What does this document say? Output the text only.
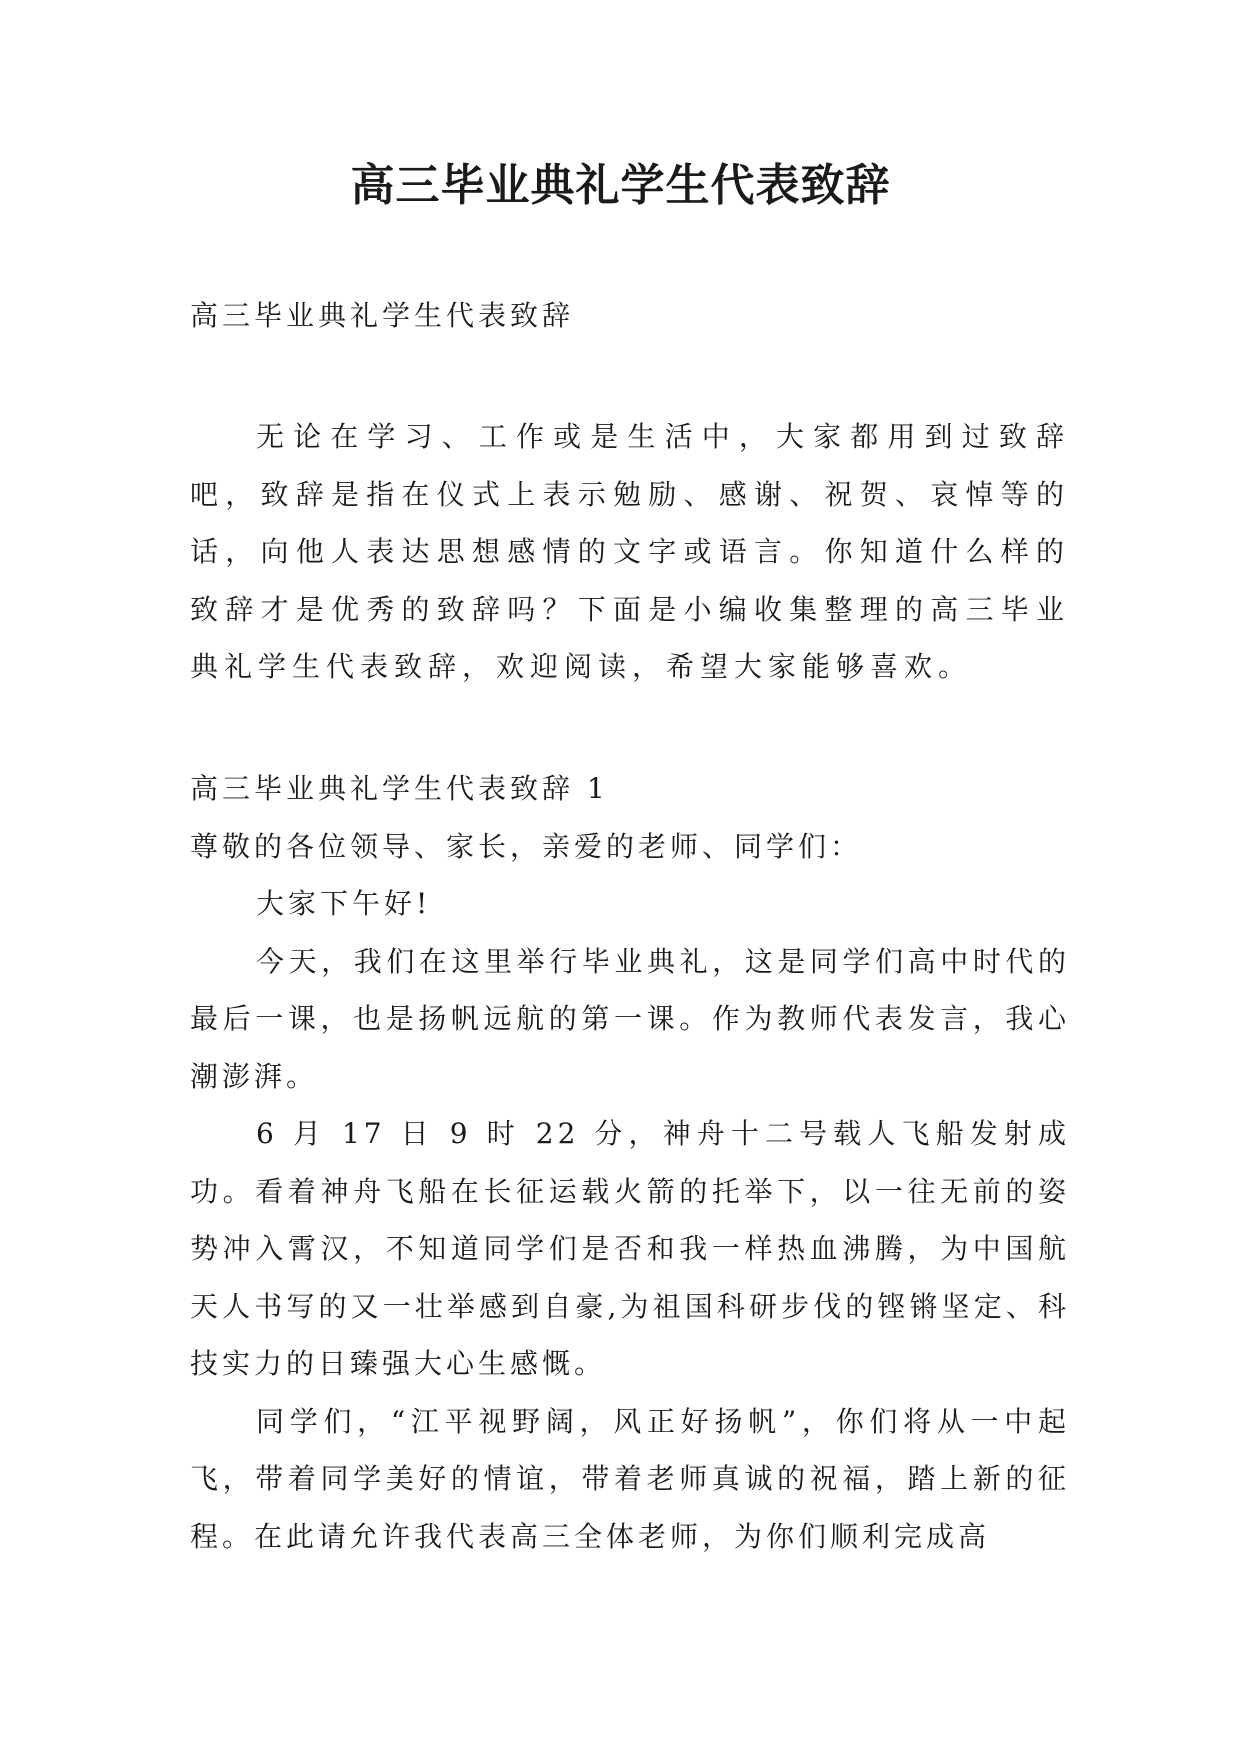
高三毕业典礼学生代表致辞

高三毕业典礼学生代表致辞

无论在学习、工作或是生活中，大家都用到过致辞吧，致辞是指在仪式上表示勉励、感谢、祝贺、哀悼等的话，向他人表达思想感情的文字或语言。你知道什么样的致辞才是优秀的致辞吗？下面是小编收集整理的高三毕业典礼学生代表致辞，欢迎阅读，希望大家能够喜欢。

高三毕业典礼学生代表致辞 1

尊敬的各位领导、家长，亲爱的老师、同学们：

大家下午好!

今天，我们在这里举行毕业典礼，这是同学们高中时代的最后一课，也是扬帆远航的第一课。作为教师代表发言，我心潮澎湃。

6 月 17 日 9 时 22 分，神舟十二号载人飞船发射成功。看着神舟飞船在长征运载火箭的托举下，以一往无前的姿势冲入霄汉，不知道同学们是否和我一样热血沸腾，为中国航天人书写的又一壮举感到自豪,为祖国科研步伐的铿锵坚定、科技实力的日臻强大心生感慨。

同学们，“江平视野阔，风正好扬帆”，你们将从一中起飞，带着同学美好的情谊，带着老师真诚的祝福，踏上新的征程。在此请允许我代表高三全体老师，为你们顺利完成高
